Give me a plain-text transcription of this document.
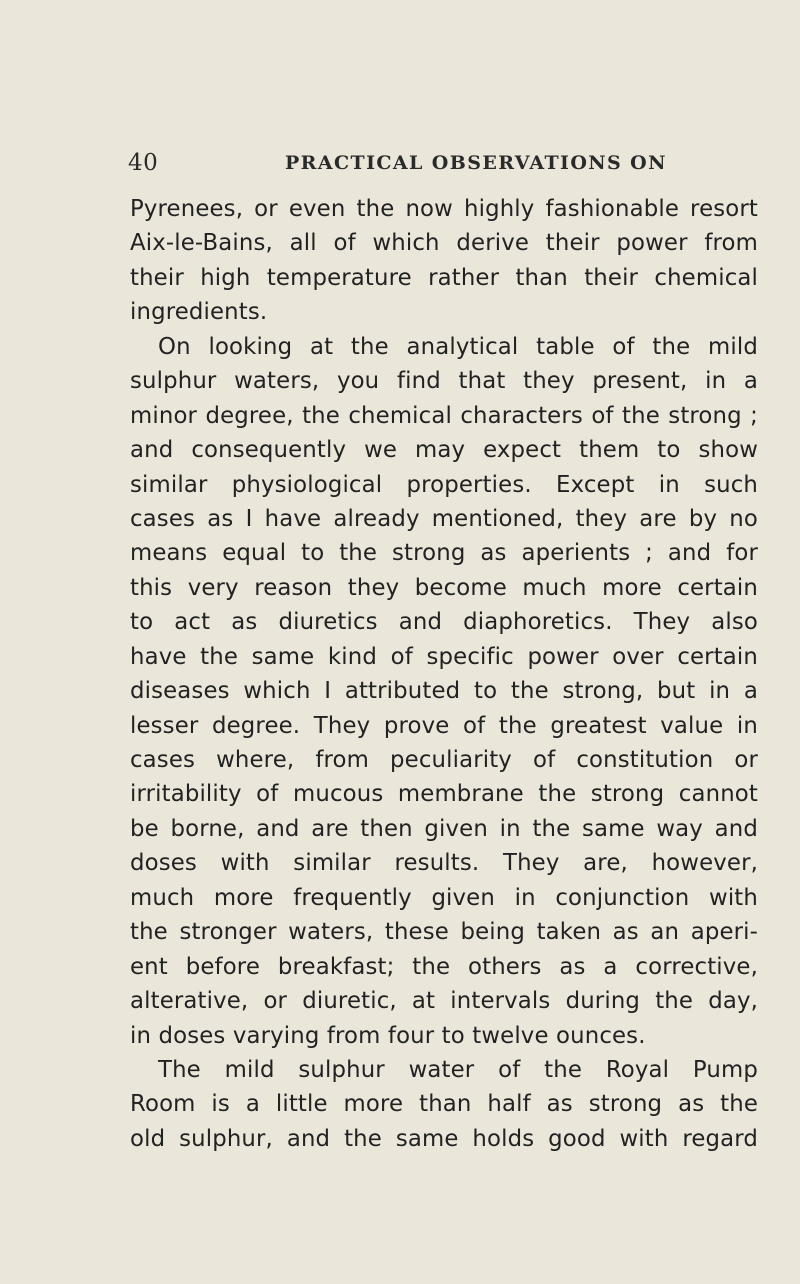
40	PRACTICAL OBSERVATIONS ON
Pyrenees, or even the now highly fashionable resort
Aix-le-Bains, all of which derive their power from
their high temperature rather than their chemical
ingredients.
On looking at the analytical table of the mild
sulphur waters, you find that they present, in a
minor degree, the chemical characters of the strong ;
and consequently we may expect them to show
similar physiological properties. Except in such
cases as I have already mentioned, they are by no
means equal to the strong as aperients ; and for
this very reason they become much more certain
to act as diuretics and diaphoretics. They also
have the same kind of specific power over certain
diseases which I attributed to the strong, but in a
lesser degree. They prove of the greatest value in
cases where, from peculiarity of constitution or
irritability of mucous membrane the strong cannot
be borne, and are then given in the same way and
doses with similar results. They are, however,
much more frequently given in conjunction with
the stronger waters, these being taken as an aperi-
ent before breakfast; the others as a corrective,
alterative, or diuretic, at intervals during the day,
in doses varying from four to twelve ounces.
The mild sulphur water of the Royal Pump
Room is a little more than half as strong as the
old sulphur, and the same holds good with regard
